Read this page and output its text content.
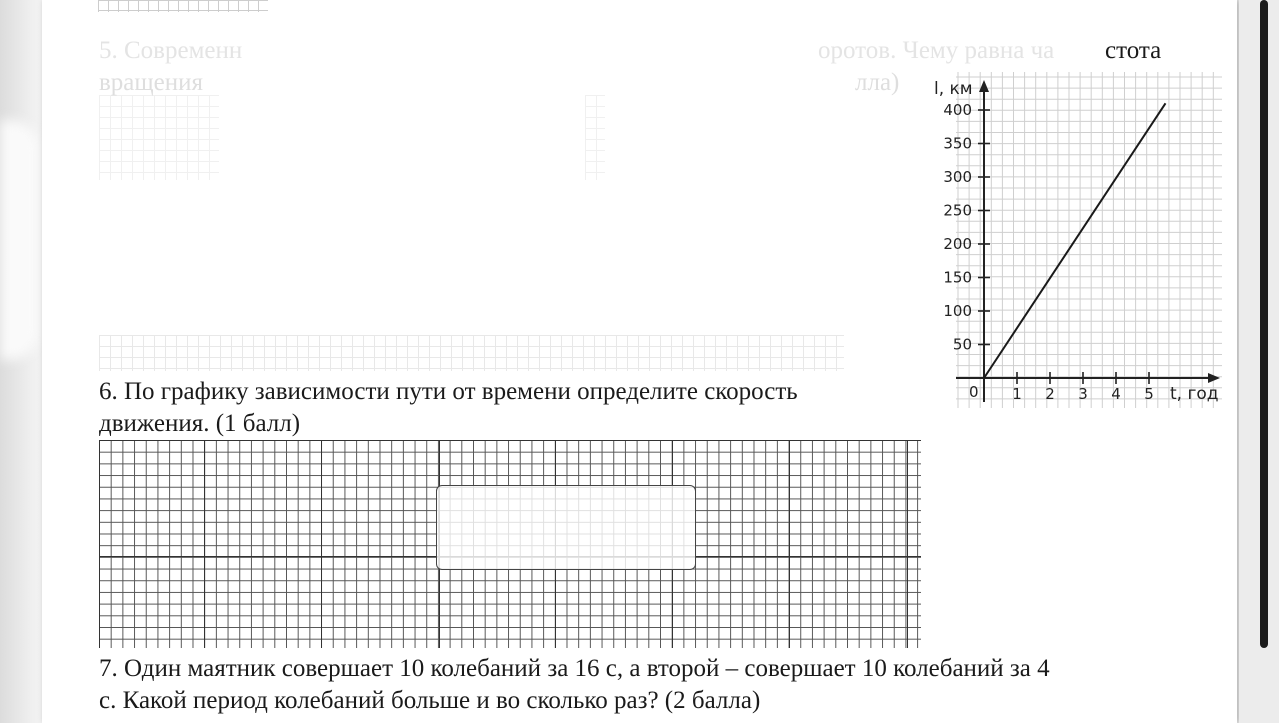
5. Современн	оротов. Чему равна ча стота
вращения	лла)
6. По графику зависимости пути от времени определите скорость
движения. (1 балл)
50
100
150
200
250
300
350
400
1 2 3 4 5
l, км
t, год
0
7. Один маятник совершает 10 колебаний за 16 с, а второй – совершает 10 колебаний за 4
с. Какой период колебаний больше и во сколько раз? (2 балла)
